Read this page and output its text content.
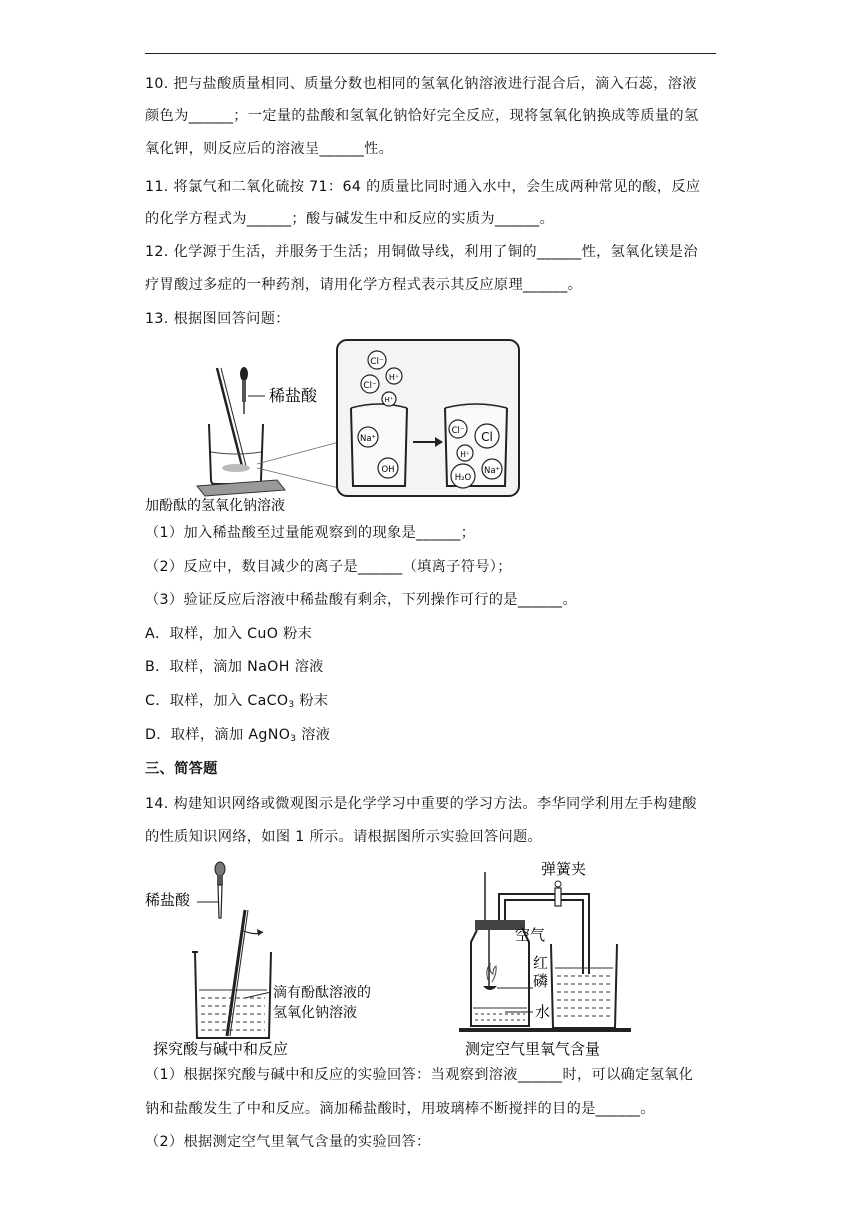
10. 把与盐酸质量相同、质量分数也相同的氢氧化钠溶液进行混合后，滴入石蕊，溶液
颜色为______；一定量的盐酸和氢氧化钠恰好完全反应，现将氢氧化钠换成等质量的氢
氧化钾，则反应后的溶液呈______性。
11. 将氯气和二氧化硫按 71：64 的质量比同时通入水中，会生成两种常见的酸，反应
的化学方程式为______；酸与碱发生中和反应的实质为______。
12. 化学源于生活，并服务于生活；用铜做导线，利用了铜的______性，氢氧化镁是治
疗胃酸过多症的一种药剂，请用化学方程式表示其反应原理______。
13. 根据图回答问题：
Cl⁻
Cl⁻
H⁺
H⁺
Na⁺
OH
Cl⁻ Cl
H⁺
H₂O
Na⁺
稀盐酸
加酚酞的氢氧化钠溶液
（1）加入稀盐酸至过量能观察到的现象是______；
（2）反应中，数目减少的离子是______（填离子符号）；
（3）验证反应后溶液中稀盐酸有剩余，下列操作可行的是______。
A．取样，加入 CuO 粉末
B．取样，滴加 NaOH 溶液
C．取样，加入 CaCO$_3$ 粉末
D．取样，滴加 AgNO$_3$ 溶液
三、简答题
14. 构建知识网络或微观图示是化学学习中重要的学习方法。李华同学利用左手构建酸
的性质知识网络，如图 1 所示。请根据图所示实验回答问题。
稀盐酸
滴有酚酞溶液的
氢氧化钠溶液
探究酸与碱中和反应
弹簧夹
空气
红
磷
水
测定空气里氧气含量
（1）根据探究酸与碱中和反应的实验回答：当观察到溶液______时，可以确定氢氧化
钠和盐酸发生了中和反应。滴加稀盐酸时，用玻璃棒不断搅拌的目的是______。
（2）根据测定空气里氧气含量的实验回答：
